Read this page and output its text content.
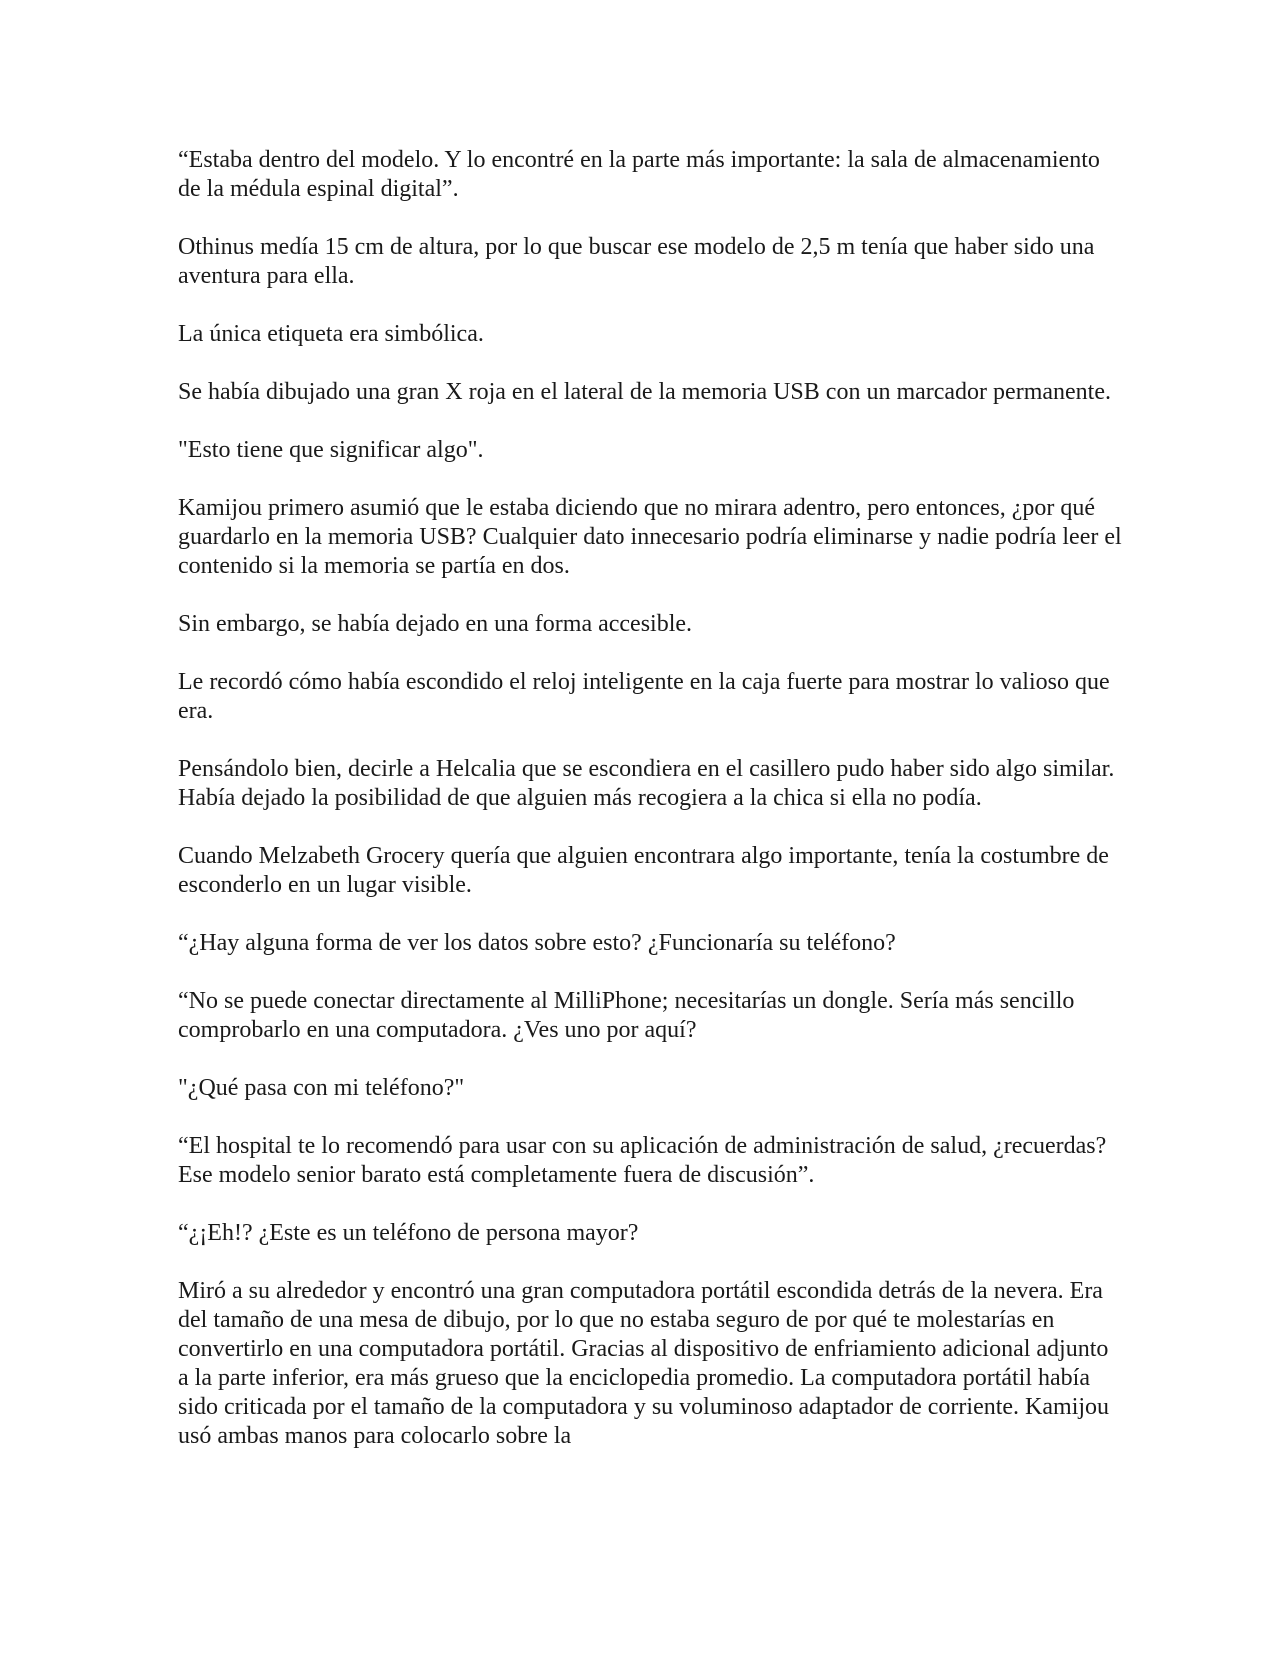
“Estaba dentro del modelo. Y lo encontré en la parte más importante: la sala de almacenamiento de la médula espinal digital”.

Othinus medía 15 cm de altura, por lo que buscar ese modelo de 2,5 m tenía que haber sido una aventura para ella.

La única etiqueta era simbólica.

Se había dibujado una gran X roja en el lateral de la memoria USB con un marcador permanente.

"Esto tiene que significar algo".

Kamijou primero asumió que le estaba diciendo que no mirara adentro, pero entonces, ¿por qué guardarlo en la memoria USB? Cualquier dato innecesario podría eliminarse y nadie podría leer el contenido si la memoria se partía en dos.

Sin embargo, se había dejado en una forma accesible.

Le recordó cómo había escondido el reloj inteligente en la caja fuerte para mostrar lo valioso que era.

Pensándolo bien, decirle a Helcalia que se escondiera en el casillero pudo haber sido algo similar. Había dejado la posibilidad de que alguien más recogiera a la chica si ella no podía.

Cuando Melzabeth Grocery quería que alguien encontrara algo importante, tenía la costumbre de esconderlo en un lugar visible.

“¿Hay alguna forma de ver los datos sobre esto? ¿Funcionaría su teléfono?

“No se puede conectar directamente al MilliPhone; necesitarías un dongle. Sería más sencillo comprobarlo en una computadora. ¿Ves uno por aquí?

"¿Qué pasa con mi teléfono?"

“El hospital te lo recomendó para usar con su aplicación de administración de salud, ¿recuerdas? Ese modelo senior barato está completamente fuera de discusión”.

“¿¡Eh!? ¿Este es un teléfono de persona mayor?

Miró a su alrededor y encontró una gran computadora portátil escondida detrás de la nevera. Era del tamaño de una mesa de dibujo, por lo que no estaba seguro de por qué te molestarías en convertirlo en una computadora portátil. Gracias al dispositivo de enfriamiento adicional adjunto a la parte inferior, era más grueso que la enciclopedia promedio. La computadora portátil había sido criticada por el tamaño de la computadora y su voluminoso adaptador de corriente. Kamijou usó ambas manos para colocarlo sobre la
